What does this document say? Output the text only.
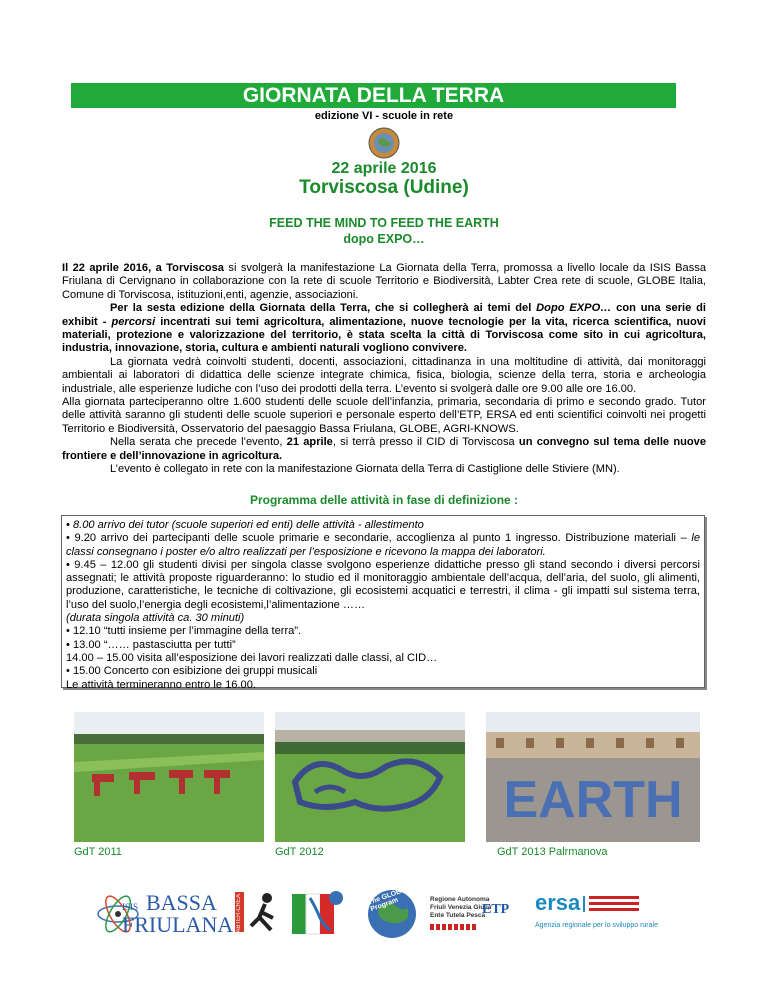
GIORNATA DELLA TERRA
edizione VI - scuole in rete
22 aprile 2016
Torviscosa (Udine)
FEED THE MIND TO FEED THE EARTH
dopo EXPO…
Il 22 aprile 2016, a Torviscosa si svolgerà la manifestazione La Giornata della Terra, promossa a livello locale da ISIS Bassa Friulana di Cervignano in collaborazione con la rete di scuole Territorio e Biodiversità, Labter Crea rete di scuole, GLOBE Italia, Comune di Torviscosa, istituzioni,enti, agenzie, associazioni.
Per la sesta edizione della Giornata della Terra, che si collegherà ai temi del Dopo EXPO… con una serie di exhibit - percorsi incentrati sui temi agricoltura, alimentazione, nuove tecnologie per la vita, ricerca scientifica, nuovi materiali, protezione e valorizzazione del territorio, è stata scelta la città di Torviscosa come sito in cui agricoltura, industria, innovazione, storia, cultura e ambienti naturali vogliono convivere.
La giornata vedrà coinvolti studenti, docenti, associazioni, cittadinanza in una moltitudine di attività, dai monitoraggi ambientali ai laboratori di didattica delle scienze integrate chimica, fisica, biologia, scienze della terra, storia e archeologia industriale, alle esperienze ludiche con l’uso dei prodotti della terra. L’evento si svolgerà dalle ore 9.00 alle ore 16.00.
Alla giornata parteciperanno oltre 1.600 studenti delle scuole dell’infanzia, primaria, secondaria di primo e secondo grado. Tutor delle attività saranno gli studenti delle scuole superiori e personale esperto dell’ETP, ERSA ed enti scientifici coinvolti nei progetti Territorio e Biodiversità, Osservatorio del paesaggio Bassa Friulana, GLOBE, AGRI-KNOWS.
Nella serata che precede l’evento, 21 aprile, si terrà presso il CID di Torviscosa un convegno sul tema delle nuove frontiere e dell’innovazione in agricoltura.
L’evento è collegato in rete con la manifestazione Giornata della Terra di Castiglione delle Stiviere (MN).
Programma delle attività in fase di definizione :
• 8.00 arrivo dei tutor (scuole superiori ed enti) delle attività - allestimento
• 9.20 arrivo dei partecipanti delle scuole primarie e secondarie, accoglienza al punto 1 ingresso. Distribuzione materiali – le classi consegnano i poster e/o altro realizzati per l’esposizione e ricevono la mappa dei laboratori.
• 9.45 – 12.00 gli studenti divisi per singola classe svolgono esperienze didattiche presso gli stand secondo i diversi percorsi assegnati; le attività proposte riguarderanno: lo studio ed il monitoraggio ambientale dell’acqua, dell’aria, del suolo, gli alimenti, produzione, caratteristiche, le tecniche di coltivazione, gli ecosistemi acquatici e terrestri, il clima - gli impatti sul sistema terra, l’uso del suolo,l’energia degli ecosistemi,l’alimentazione ……
(durata singola attività ca. 30 minuti)
• 12.10 “tutti insieme per l’immagine della terra”.
• 13.00 “…… pastasciutta per tutti”
14.00 – 15.00 visita all’esposizione dei lavori realizzati dalle classi, al CID…
• 15.00 Concerto con esibizione dei gruppi musicali
Le attività termineranno entro le 16.00.
EARTH
GdT 2011	GdT 2012	GdT 2013 Palrmanova
ISIS BASSA
FRIULANA LABTER-CREA	The GLOBE Program	Regione Autonoma
Friuli Venezia Giulia
Ente Tutela Pesca
ETP ersa
Agenzia regionale per lo sviluppo rurale
